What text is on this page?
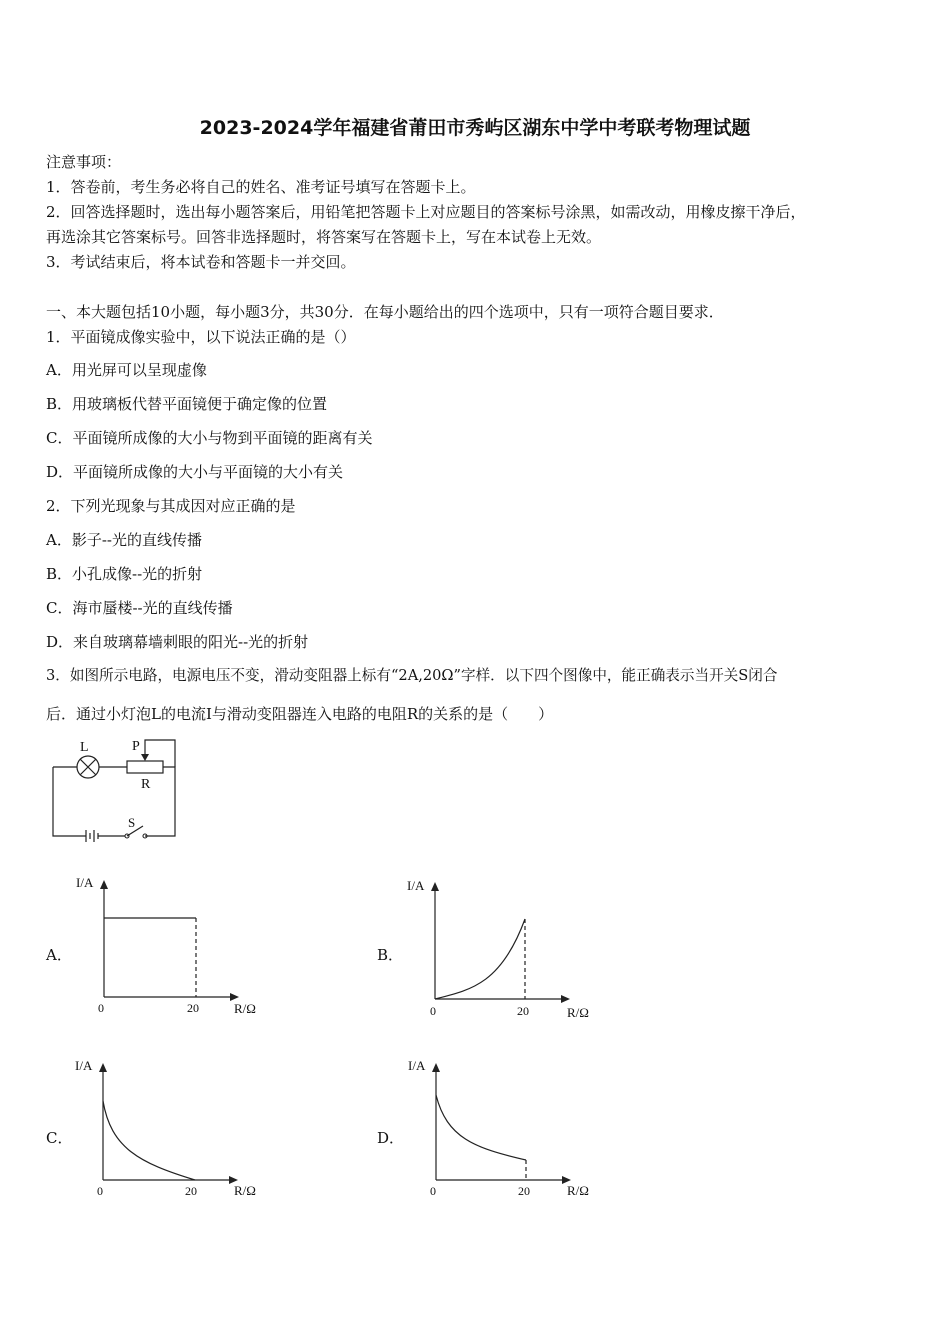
2023-2024学年福建省莆田市秀屿区湖东中学中考联考物理试题
注意事项：
1．答卷前，考生务必将自己的姓名、准考证号填写在答题卡上。
2．回答选择题时，选出每小题答案后，用铅笔把答题卡上对应题目的答案标号涂黑，如需改动，用橡皮擦干净后，
再选涂其它答案标号。回答非选择题时，将答案写在答题卡上，写在本试卷上无效。
3．考试结束后，将本试卷和答题卡一并交回。
一、本大题包括10小题，每小题3分，共30分．在每小题给出的四个选项中，只有一项符合题目要求．
1．平面镜成像实验中，以下说法正确的是（）
A．用光屏可以呈现虚像
B．用玻璃板代替平面镜便于确定像的位置
C．平面镜所成像的大小与物到平面镜的距离有关
D．平面镜所成像的大小与平面镜的大小有关
2．下列光现象与其成因对应正确的是
A．影子--光的直线传播
B．小孔成像--光的折射
C．海市蜃楼--光的直线传播
D．来自玻璃幕墙刺眼的阳光--光的折射
3．如图所示电路，电源电压不变，滑动变阻器上标有“2A,20Ω”字样．以下四个图像中，能正确表示当开关S闭合
后．通过小灯泡L的电流I与滑动变阻器连入电路的电阻R的关系的是（　　）
L	P
R
S
A．
I/A
R/Ω
0	20
B．
I/A
R/Ω
0	20
C．
I/A
R/Ω
0	20
D．
I/A
R/Ω
0	20
